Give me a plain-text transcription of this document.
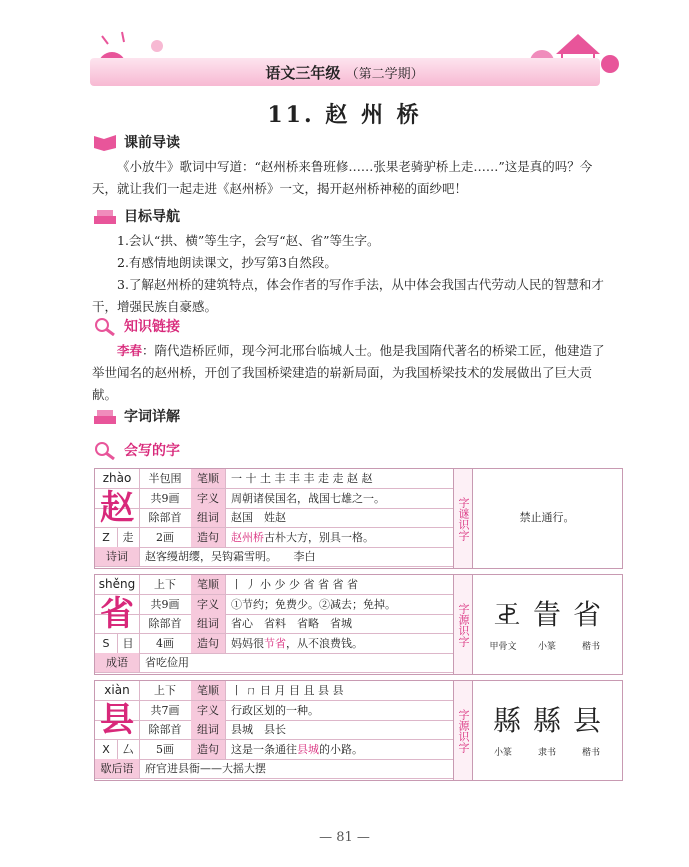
语文三年级 （第二学期）
11. 赵 州 桥
课前导读
《小放牛》歌词中写道：“赵州桥来鲁班修……张果老骑驴桥上走……”这是真的吗？今天，就让我们一起走进《赵州桥》一文，揭开赵州桥神秘的面纱吧！
目标导航
1.会认“拱、横”等生字，会写“赵、省”等生字。
2.有感情地朗读课文，抄写第3自然段。
3.了解赵州桥的建筑特点，体会作者的写作手法，从中体会我国古代劳动人民的智慧和才干，增强民族自豪感。
知识链接
李春：隋代造桥匠师，现今河北邢台临城人士。他是我国隋代著名的桥梁工匠，他建造了举世闻名的赵州桥，开创了我国桥梁建造的崭新局面，为我国桥梁技术的发展做出了巨大贡献。
字词详解
会写的字
zhào	半包围	笔顺	一 十 土 丰 丰 丰 走 走 赵 赵
赵	共9画	字义	周朝诸侯国名，战国七雄之一。
除部首	组词	赵国　姓赵
Z	走	2画	造句	赵州桥古朴大方，别具一格。
诗词	赵客缦胡缨，吴钩霜雪明。　　李白
字谜识字	禁止通行。
shěng	上下	笔顺	丨 丿 小 少 少 省 省 省 省
省	共9画	字义	①节约；免费少。②减去；免掉。
除部首	组词	省心　省料　省略　省城
S	目	4画	造句	妈妈很节省，从不浪费钱。
成语	省吃俭用
字源识字 𢀓 眚 省
甲骨文 小篆	楷书
xiàn	上下	笔顺	丨 ㄇ 日 月 目 且 县 县
县	共7画	字义	行政区划的一种。
除部首	组词	县城　县长
X	厶	5画	造句	这是一条通往县城的小路。
歇后语	府官进县衙——大摇大摆
字源识字 縣 縣 县
小篆	隶书	楷书
— 81 —
